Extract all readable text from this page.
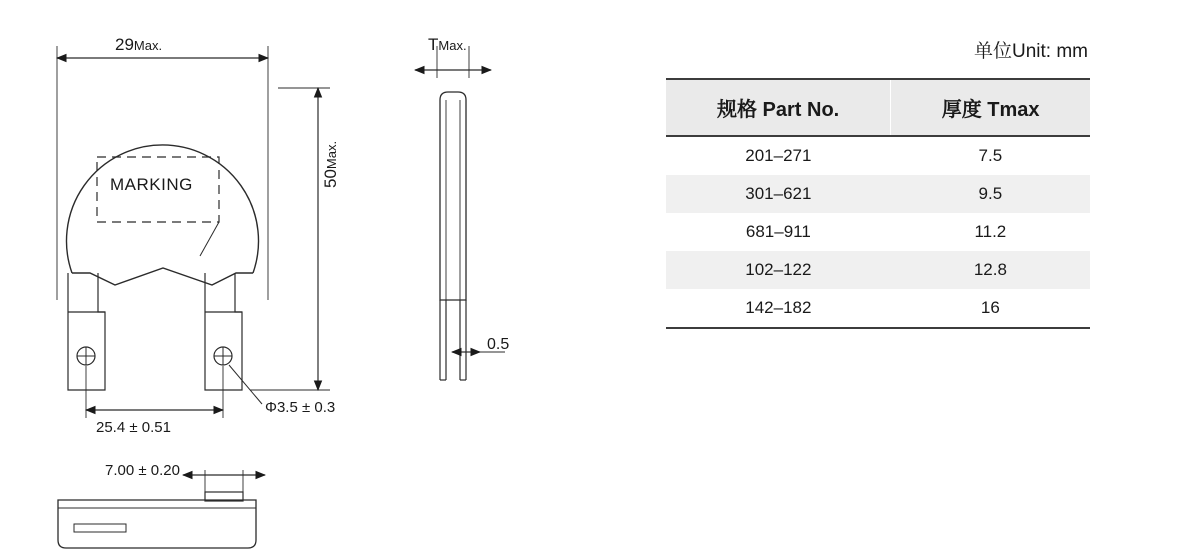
29Max.	TMax.
50Max.
0.5
Φ3.5 ± 0.3
25.4 ± 0.51
7.00 ± 0.20
MARKING
单位Unit: mm
规格 Part No.	厚度 Tmax
201–271	7.5
301–621	9.5
681–911	11.2
102–122	12.8
142–182	16
